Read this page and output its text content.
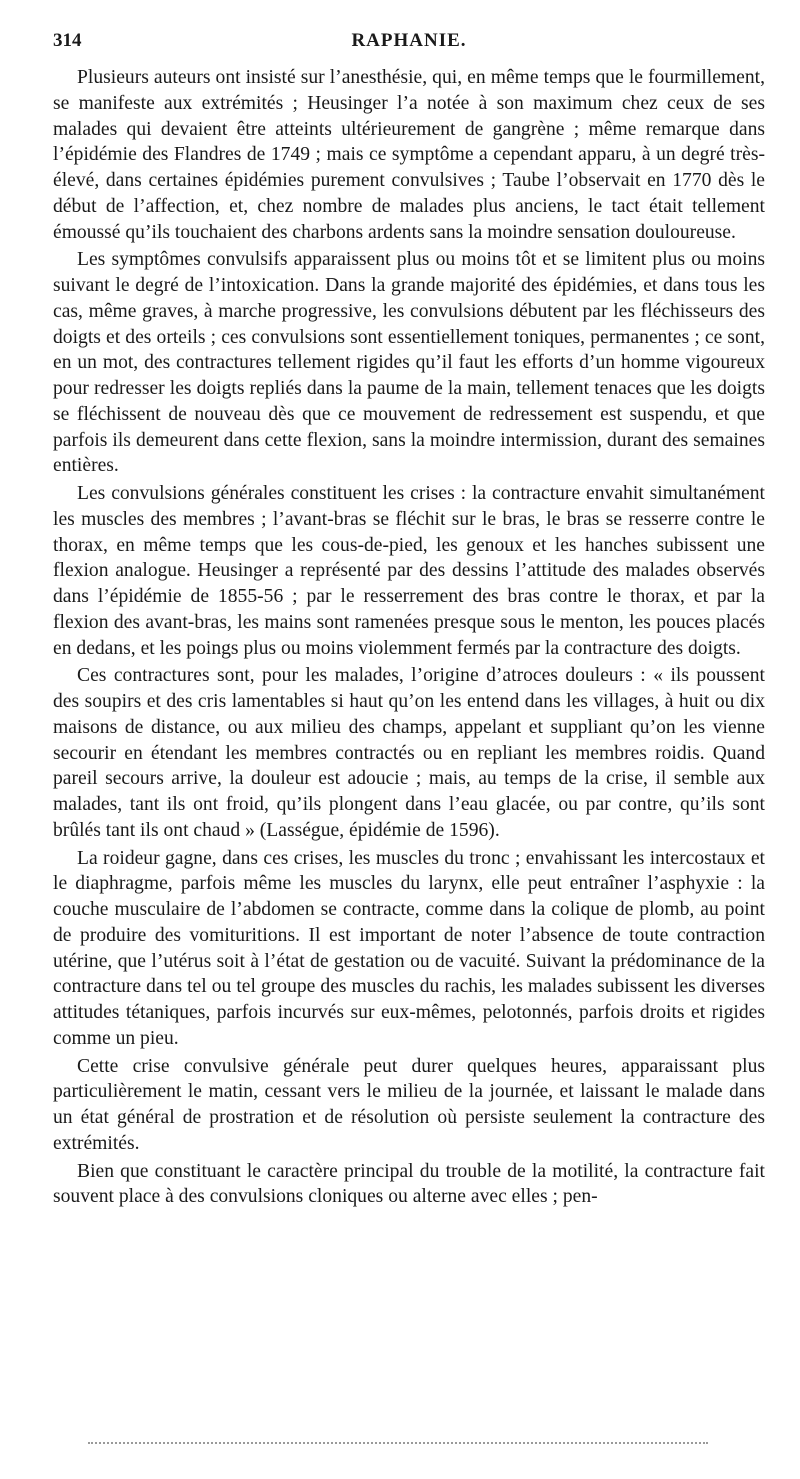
314	RAPHANIE.

Plusieurs auteurs ont insisté sur l’anesthésie, qui, en même temps que le fourmillement, se manifeste aux extrémités ; Heusinger l’a notée à son maximum chez ceux de ses malades qui devaient être atteints ultérieurement de gangrène ; même remarque dans l’épidémie des Flandres de 1749 ; mais ce symptôme a cependant apparu, à un degré très-élevé, dans certaines épidémies purement convulsives ; Taube l’observait en 1770 dès le début de l’affection, et, chez nombre de malades plus anciens, le tact était tellement émoussé qu’ils touchaient des charbons ardents sans la moindre sensation douloureuse.

Les symptômes convulsifs apparaissent plus ou moins tôt et se limitent plus ou moins suivant le degré de l’intoxication. Dans la grande majorité des épidémies, et dans tous les cas, même graves, à marche progressive, les convulsions débutent par les fléchisseurs des doigts et des orteils ; ces convulsions sont essentiellement toniques, permanentes ; ce sont, en un mot, des contractures tellement rigides qu’il faut les efforts d’un homme vigoureux pour redresser les doigts repliés dans la paume de la main, tellement tenaces que les doigts se fléchissent de nouveau dès que ce mouvement de redressement est suspendu, et que parfois ils demeurent dans cette flexion, sans la moindre intermission, durant des semaines entières.

Les convulsions générales constituent les crises : la contracture envahit simultanément les muscles des membres ; l’avant-bras se fléchit sur le bras, le bras se resserre contre le thorax, en même temps que les cous-de-pied, les genoux et les hanches subissent une flexion analogue. Heusinger a représenté par des dessins l’attitude des malades observés dans l’épidémie de 1855-56 ; par le resserrement des bras contre le thorax, et par la flexion des avant-bras, les mains sont ramenées presque sous le menton, les pouces placés en dedans, et les poings plus ou moins violemment fermés par la contracture des doigts.

Ces contractures sont, pour les malades, l’origine d’atroces douleurs : « ils poussent des soupirs et des cris lamentables si haut qu’on les entend dans les villages, à huit ou dix maisons de distance, ou aux milieu des champs, appelant et suppliant qu’on les vienne secourir en étendant les membres contractés ou en repliant les membres roidis. Quand pareil secours arrive, la douleur est adoucie ; mais, au temps de la crise, il semble aux malades, tant ils ont froid, qu’ils plongent dans l’eau glacée, ou par contre, qu’ils sont brûlés tant ils ont chaud » (Lasségue, épidémie de 1596).

La roideur gagne, dans ces crises, les muscles du tronc ; envahissant les intercostaux et le diaphragme, parfois même les muscles du larynx, elle peut entraîner l’asphyxie : la couche musculaire de l’abdomen se contracte, comme dans la colique de plomb, au point de produire des vomituritions. Il est important de noter l’absence de toute contraction utérine, que l’utérus soit à l’état de gestation ou de vacuité. Suivant la prédominance de la contracture dans tel ou tel groupe des muscles du rachis, les malades subissent les diverses attitudes tétaniques, parfois incurvés sur eux-mêmes, pelotonnés, parfois droits et rigides comme un pieu.

Cette crise convulsive générale peut durer quelques heures, apparaissant plus particulièrement le matin, cessant vers le milieu de la journée, et laissant le malade dans un état général de prostration et de résolution où persiste seulement la contracture des extrémités.

Bien que constituant le caractère principal du trouble de la motilité, la contracture fait souvent place à des convulsions cloniques ou alterne avec elles ; pen-
